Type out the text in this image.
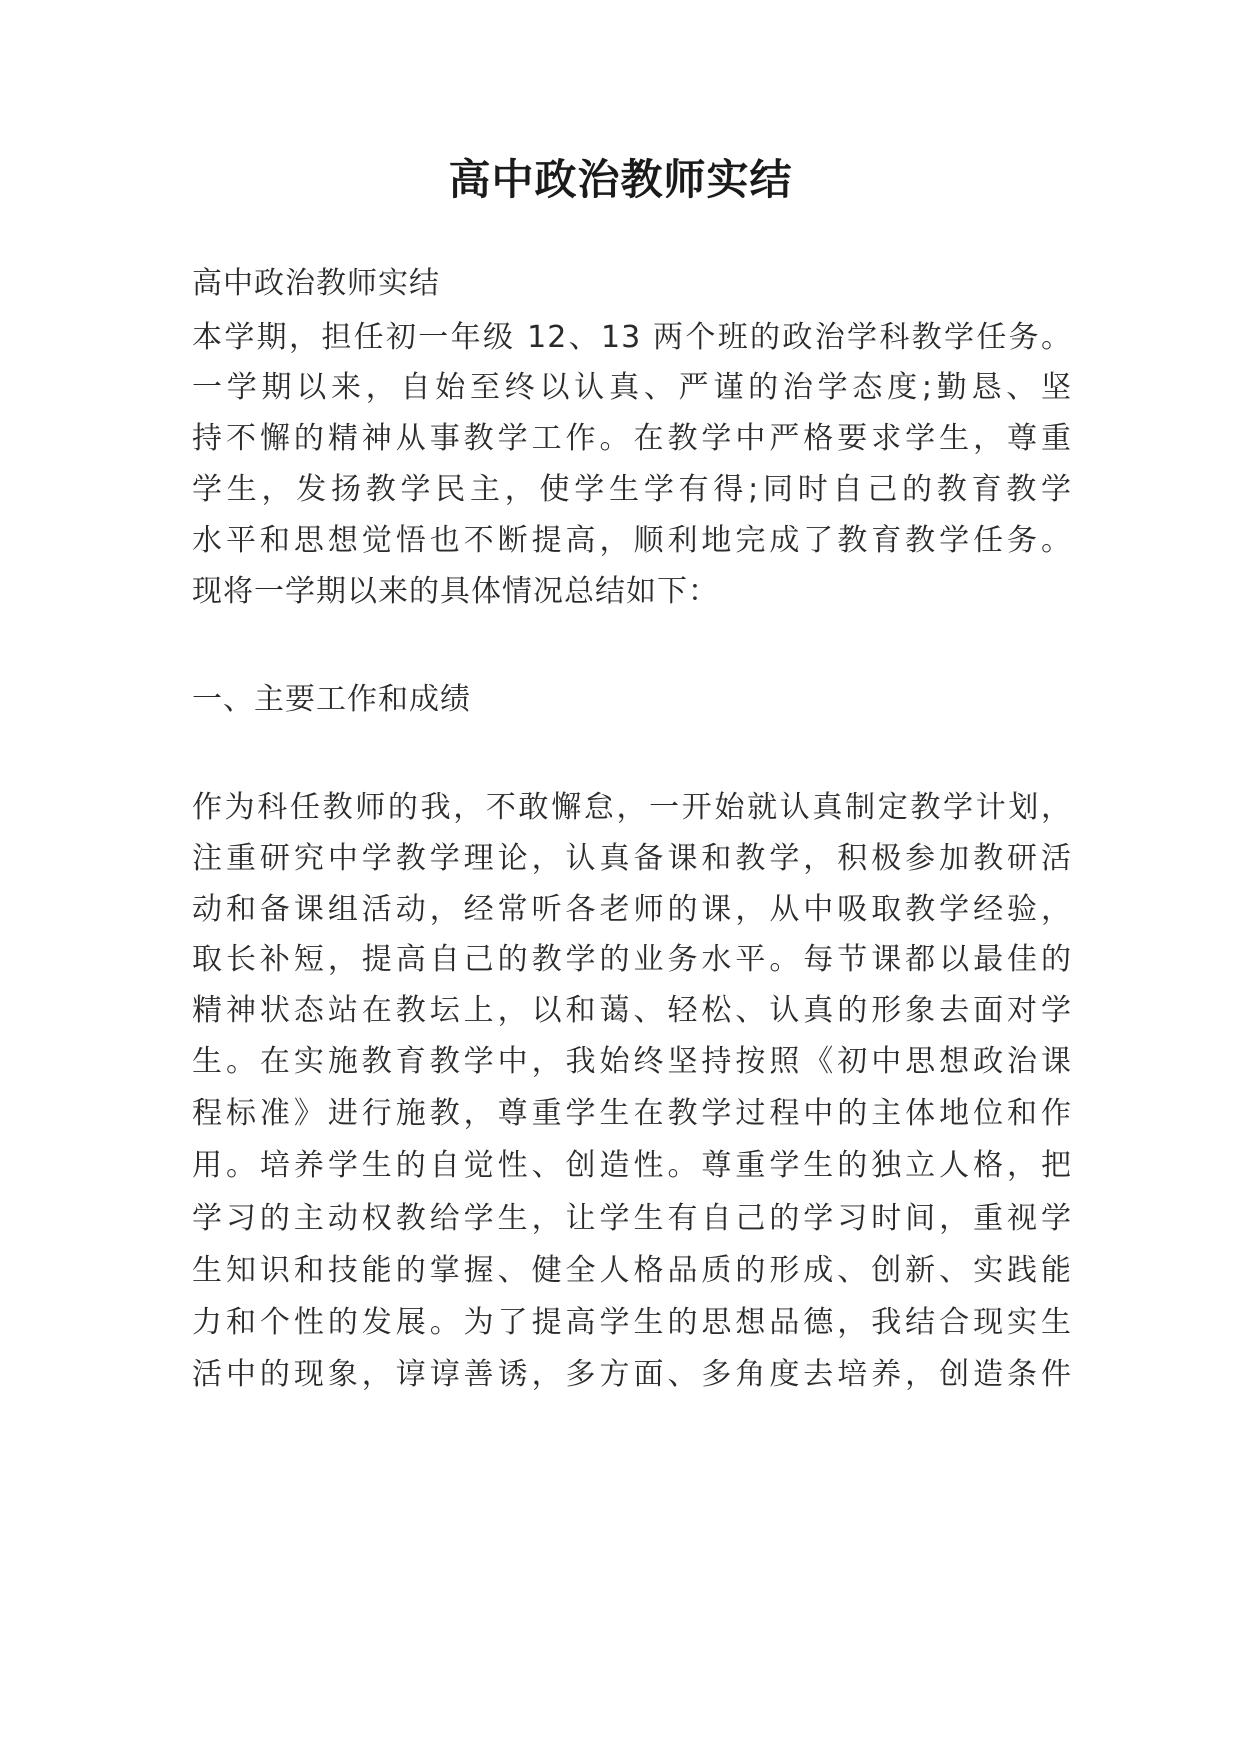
高中政治教师实结
高中政治教师实结
本学期，担任初一年级 12、13 两个班的政治学科教学任务。
一学期以来，自始至终以认真、严谨的治学态度;勤恳、坚
持不懈的精神从事教学工作。在教学中严格要求学生，尊重
学生，发扬教学民主，使学生学有得;同时自己的教育教学
水平和思想觉悟也不断提高，顺利地完成了教育教学任务。
现将一学期以来的具体情况总结如下：
一、主要工作和成绩
作为科任教师的我，不敢懈怠，一开始就认真制定教学计划，
注重研究中学教学理论，认真备课和教学，积极参加教研活
动和备课组活动，经常听各老师的课，从中吸取教学经验，
取长补短，提高自己的教学的业务水平。每节课都以最佳的
精神状态站在教坛上，以和蔼、轻松、认真的形象去面对学
生。在实施教育教学中，我始终坚持按照《初中思想政治课
程标准》进行施教，尊重学生在教学过程中的主体地位和作
用。培养学生的自觉性、创造性。尊重学生的独立人格，把
学习的主动权教给学生，让学生有自己的学习时间，重视学
生知识和技能的掌握、健全人格品质的形成、创新、实践能
力和个性的发展。为了提高学生的思想品德，我结合现实生
活中的现象，谆谆善诱，多方面、多角度去培养，创造条件
